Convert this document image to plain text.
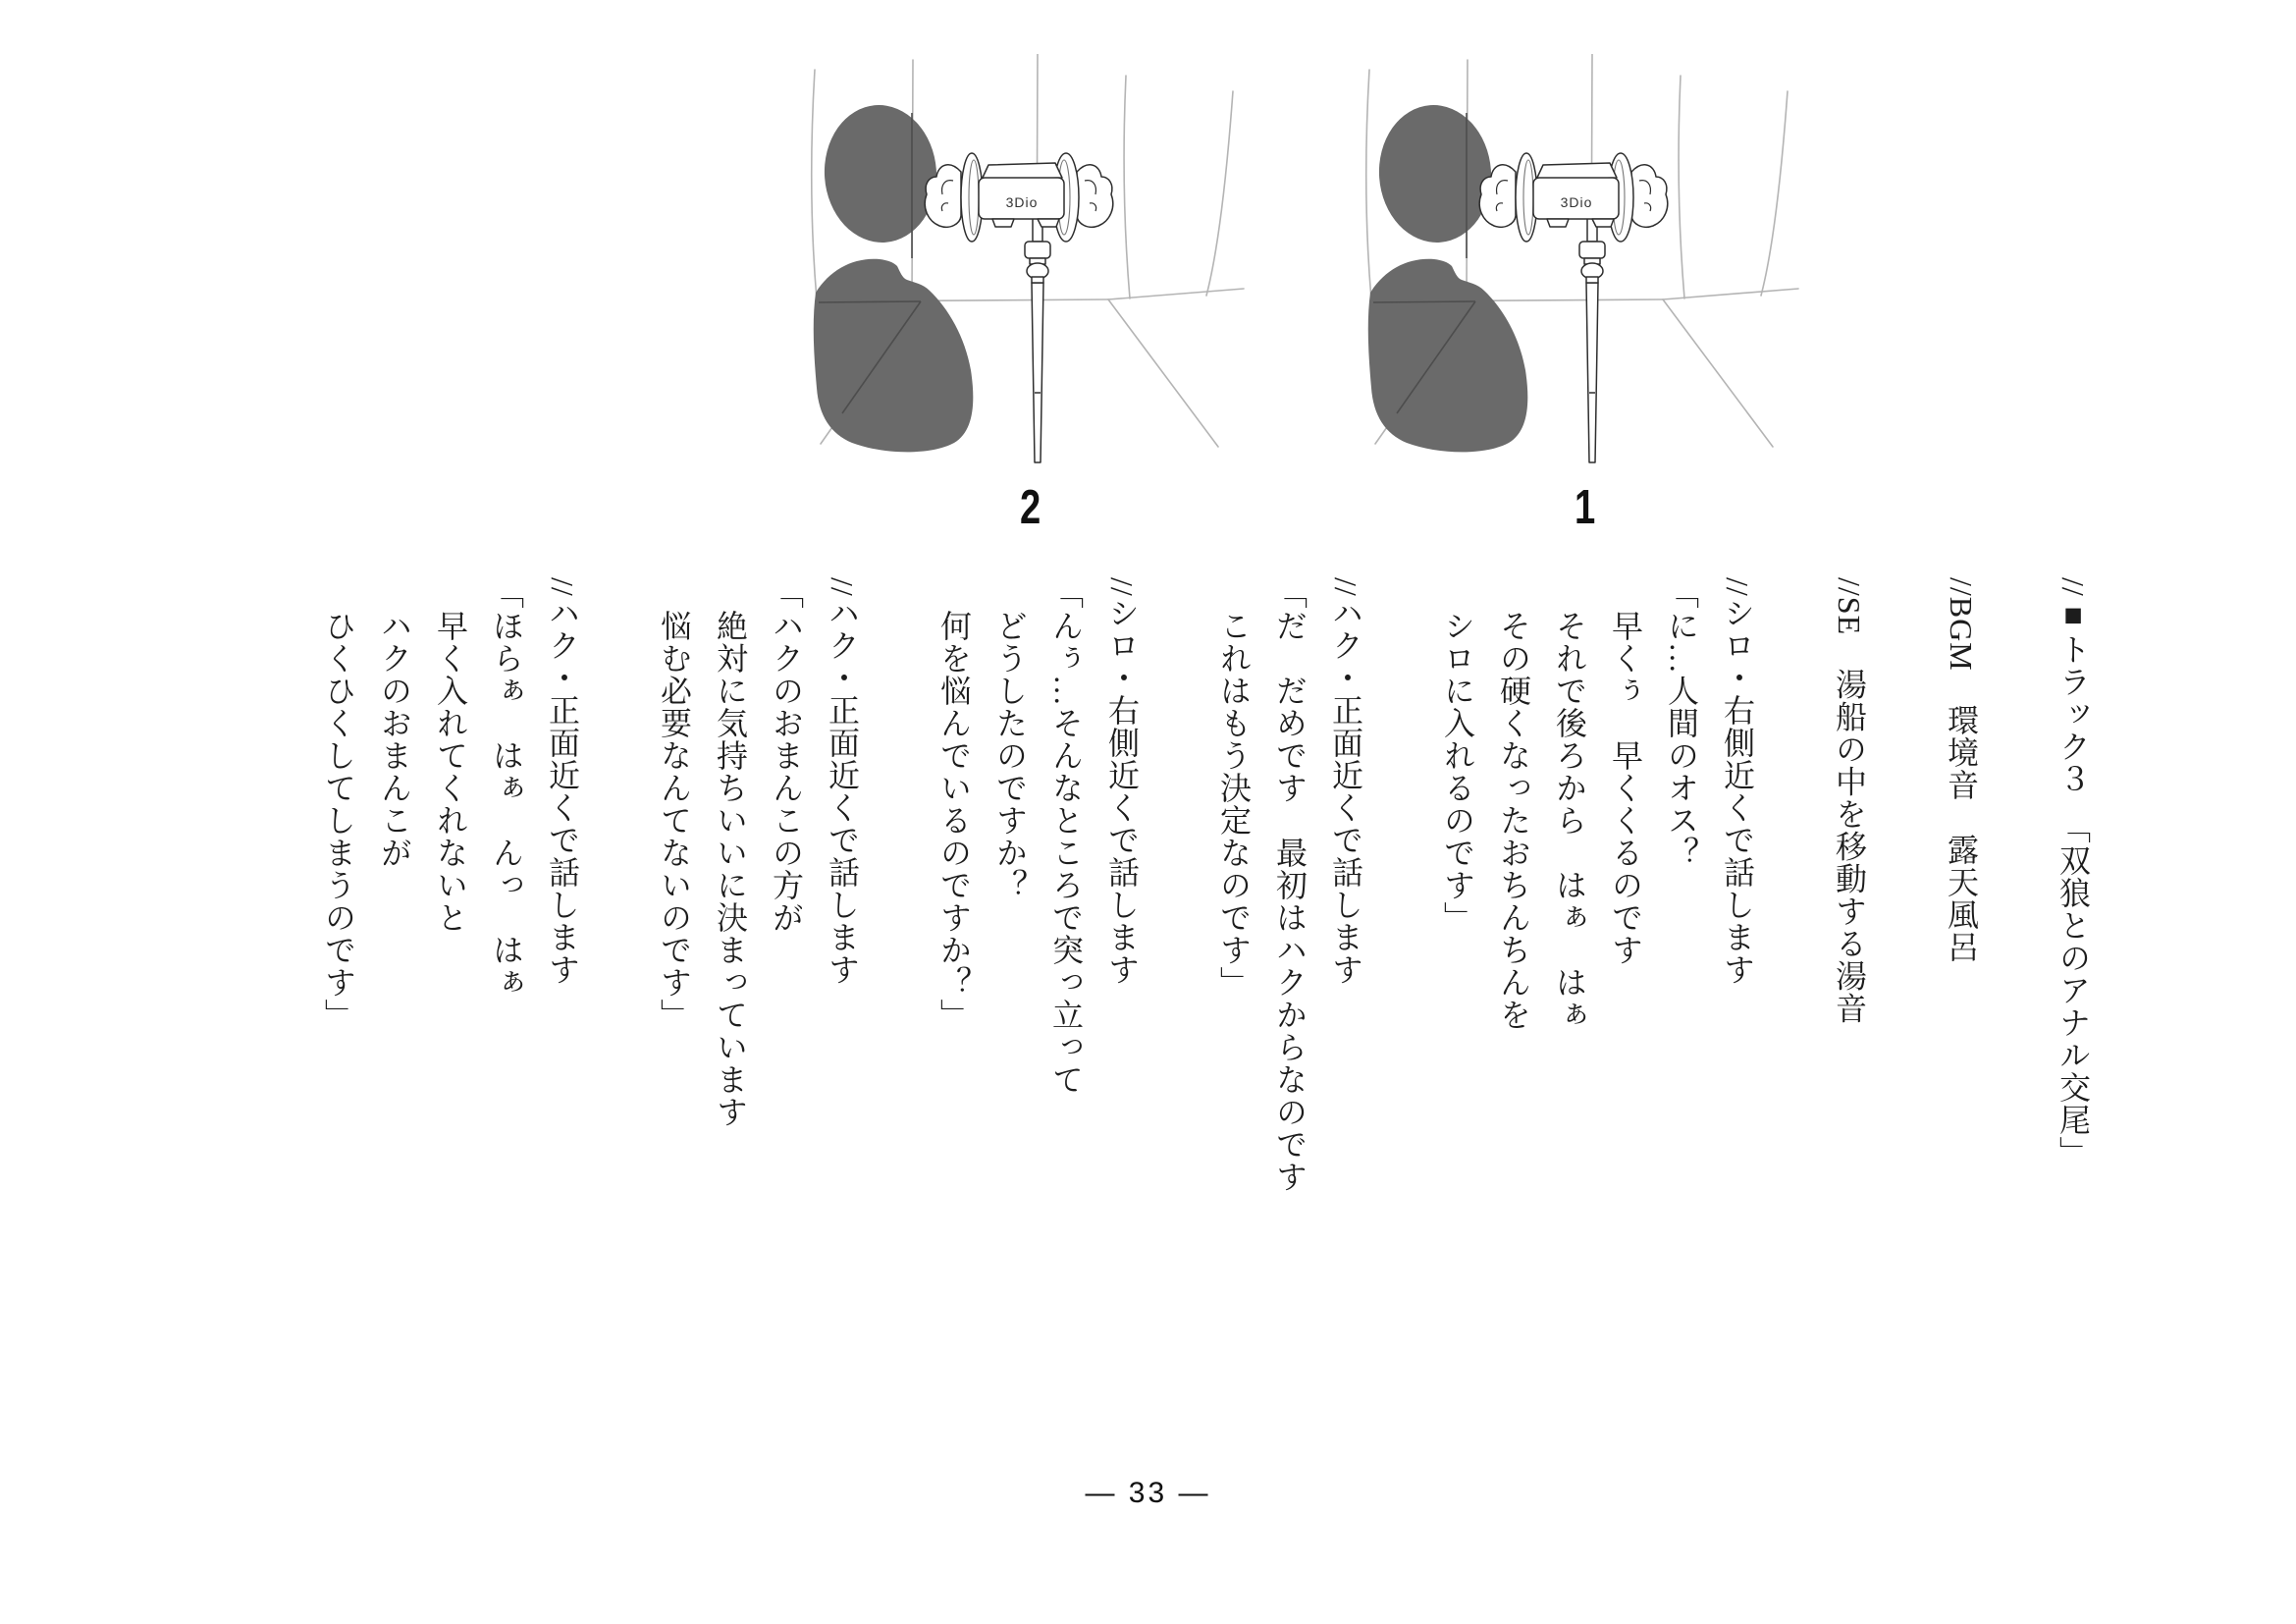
3Dio
2
3Dio
1

//■トラック３　「双狼とのアナル交尾」

//BGM　環境音　露天風呂

//SE　湯船の中を移動する湯音

//シロ・右側近くで話します

「に…人間のオス？

　早くぅ　早くくるのです

　それで後ろから　はぁ　はぁ

　その硬くなったおちんちんを

　シロに入れるのです」

//ハク・正面近くで話します

「だ　だめです　最初はハクからなのです

　これはもう決定なのです」

//シロ・右側近くで話します

「んぅ…そんなところで突っ立って

　どうしたのですか？

　何を悩んでいるのですか？」

//ハク・正面近くで話します

「ハクのおまんこの方が

　絶対に気持ちいいに決まっています

　悩む必要なんてないのです」

//ハク・正面近くで話します

「ほらぁ　はぁ　んっ　はぁ

　早く入れてくれないと

　ハクのおまんこが

　ひくひくしてしまうのです」

— 33 —
